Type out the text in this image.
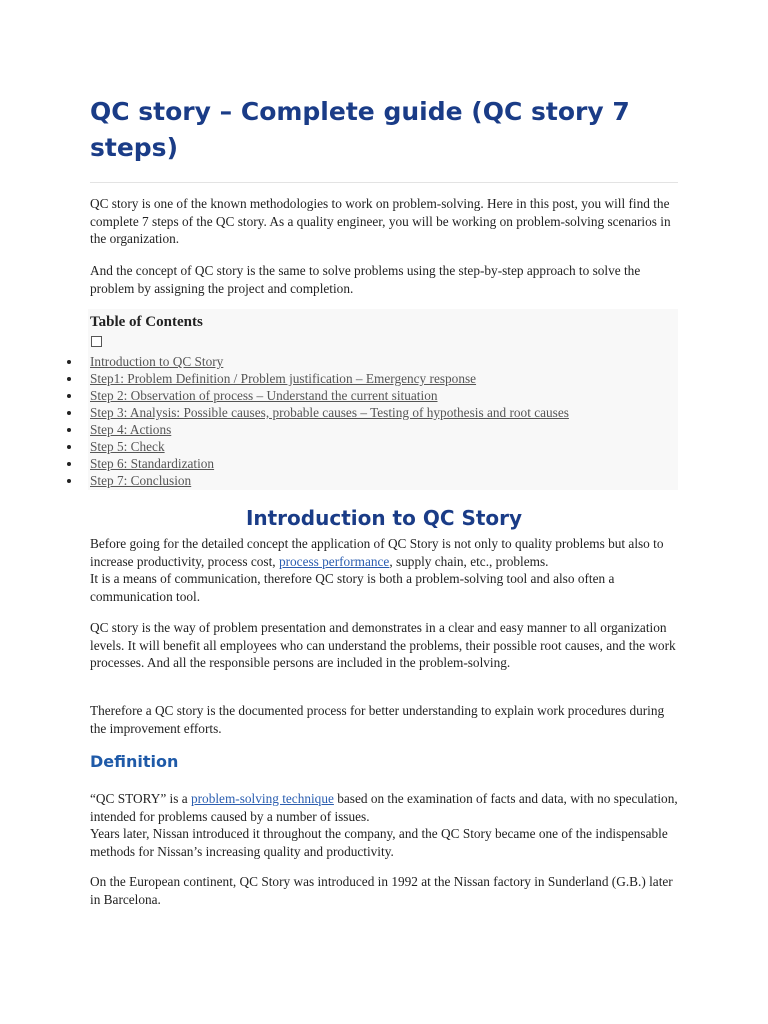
QC story – Complete guide (QC story 7 steps)

QC story is one of the known methodologies to work on problem-solving. Here in this post, you will find the complete 7 steps of the QC story. As a quality engineer, you will be working on problem-solving scenarios in the organization.

And the concept of QC story is the same to solve problems using the step-by-step approach to solve the problem by assigning the project and completion.

Table of Contents
Introduction to QC Story
Step1: Problem Definition / Problem justification – Emergency response
Step 2: Observation of process – Understand the current situation
Step 3: Analysis: Possible causes, probable causes – Testing of hypothesis and root causes
Step 4: Actions
Step 5: Check
Step 6: Standardization
Step 7: Conclusion
Introduction to QC Story

Before going for the detailed concept the application of QC Story is not only to quality problems but also to increase productivity, process cost, process performance, supply chain, etc., problems.
It is a means of communication, therefore QC story is both a problem-solving tool and also often a communication tool.

QC story is the way of problem presentation and demonstrates in a clear and easy manner to all organization levels. It will benefit all employees who can understand the problems, their possible root causes, and the work processes. And all the responsible persons are included in the problem-solving.

Therefore a QC story is the documented process for better understanding to explain work procedures during the improvement efforts.

Definition

“QC STORY” is a problem-solving technique based on the examination of facts and data, with no speculation, intended for problems caused by a number of issues.
Years later, Nissan introduced it throughout the company, and the QC Story became one of the indispensable methods for Nissan’s increasing quality and productivity.

On the European continent, QC Story was introduced in 1992 at the Nissan factory in Sunderland (G.B.) later in Barcelona.
